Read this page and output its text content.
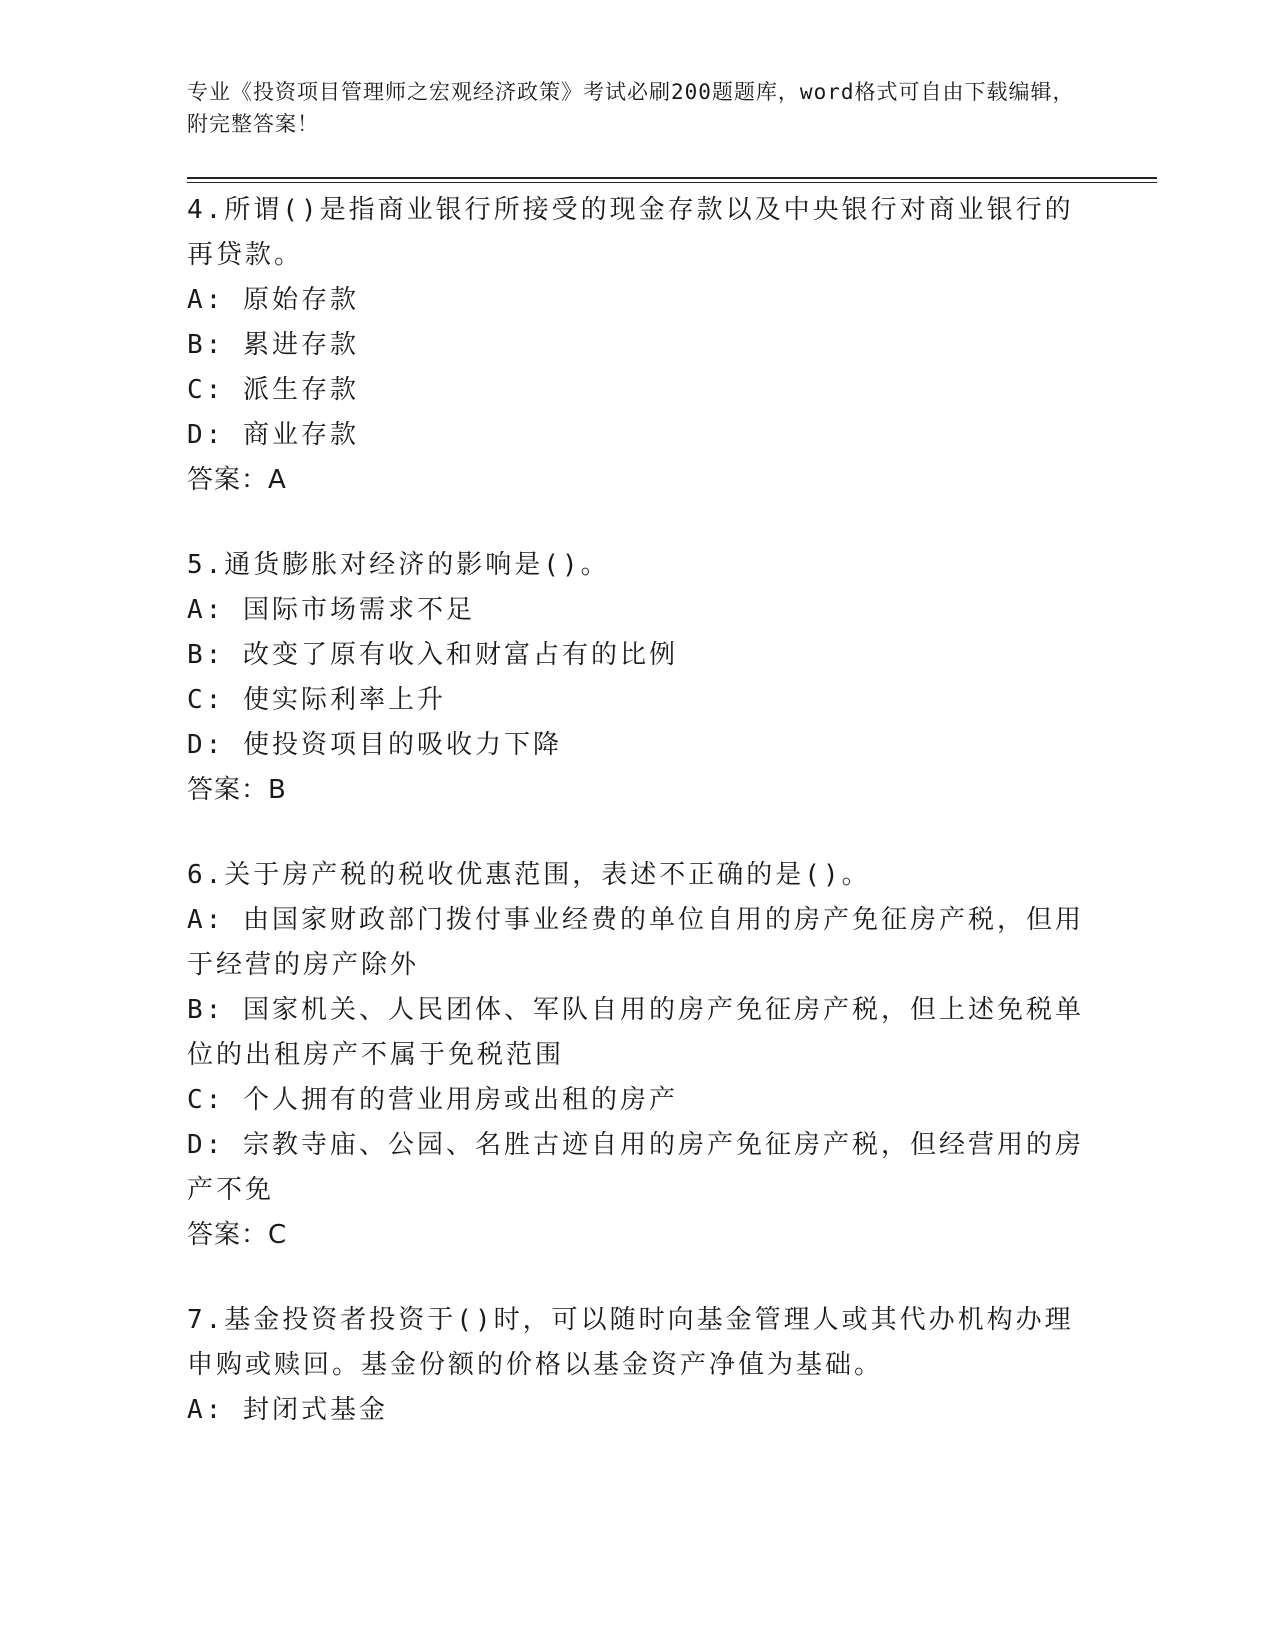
专业《投资项目管理师之宏观经济政策》考试必刷200题题库，word格式可自由下载编辑，附完整答案！
4.所谓()是指商业银行所接受的现金存款以及中央银行对商业银行的再贷款。
A: 原始存款
B: 累进存款
C: 派生存款
D: 商业存款
答案：A
5.通货膨胀对经济的影响是()。
A: 国际市场需求不足
B: 改变了原有收入和财富占有的比例
C: 使实际利率上升
D: 使投资项目的吸收力下降
答案：B
6.关于房产税的税收优惠范围，表述不正确的是()。
A: 由国家财政部门拨付事业经费的单位自用的房产免征房产税，但用于经营的房产除外
B: 国家机关、人民团体、军队自用的房产免征房产税，但上述免税单位的出租房产不属于免税范围
C: 个人拥有的营业用房或出租的房产
D: 宗教寺庙、公园、名胜古迹自用的房产免征房产税，但经营用的房产不免
答案：C
7.基金投资者投资于()时，可以随时向基金管理人或其代办机构办理申购或赎回。基金份额的价格以基金资产净值为基础。
A: 封闭式基金
